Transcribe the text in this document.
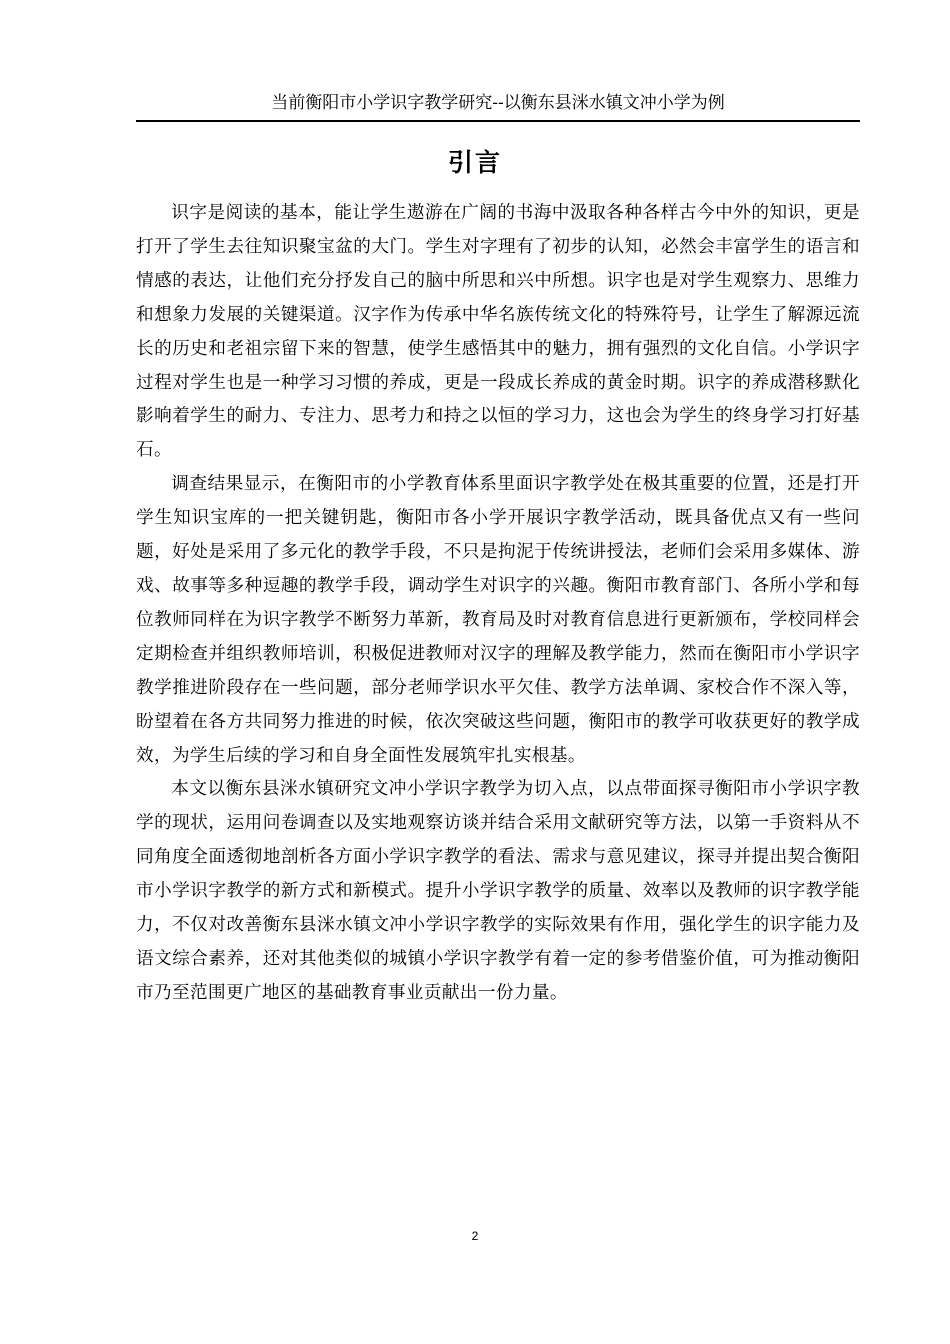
当前衡阳市小学识字教学研究--以衡东县洣水镇文冲小学为例
引言

识字是阅读的基本，能让学生遨游在广阔的书海中汲取各种各样古今中外的知识，更是打开了学生去往知识聚宝盆的大门。学生对字理有了初步的认知，必然会丰富学生的语言和情感的表达，让他们充分抒发自己的脑中所思和兴中所想。识字也是对学生观察力、思维力和想象力发展的关键渠道。汉字作为传承中华名族传统文化的特殊符号，让学生了解源远流长的历史和老祖宗留下来的智慧，使学生感悟其中的魅力，拥有强烈的文化自信。小学识字过程对学生也是一种学习习惯的养成，更是一段成长养成的黄金时期。识字的养成潜移默化影响着学生的耐力、专注力、思考力和持之以恒的学习力，这也会为学生的终身学习打好基石。

调查结果显示，在衡阳市的小学教育体系里面识字教学处在极其重要的位置，还是打开学生知识宝库的一把关键钥匙，衡阳市各小学开展识字教学活动，既具备优点又有一些问题，好处是采用了多元化的教学手段，不只是拘泥于传统讲授法，老师们会采用多媒体、游戏、故事等多种逗趣的教学手段，调动学生对识字的兴趣。衡阳市教育部门、各所小学和每位教师同样在为识字教学不断努力革新，教育局及时对教育信息进行更新颁布，学校同样会定期检查并组织教师培训，积极促进教师对汉字的理解及教学能力，然而在衡阳市小学识字教学推进阶段存在一些问题，部分老师学识水平欠佳、教学方法单调、家校合作不深入等，盼望着在各方共同努力推进的时候，依次突破这些问题，衡阳市的教学可收获更好的教学成效，为学生后续的学习和自身全面性发展筑牢扎实根基。

本文以衡东县洣水镇研究文冲小学识字教学为切入点，以点带面探寻衡阳市小学识字教学的现状，运用问卷调查以及实地观察访谈并结合采用文献研究等方法，以第一手资料从不同角度全面透彻地剖析各方面小学识字教学的看法、需求与意见建议，探寻并提出契合衡阳市小学识字教学的新方式和新模式。提升小学识字教学的质量、效率以及教师的识字教学能力，不仅对改善衡东县洣水镇文冲小学识字教学的实际效果有作用，强化学生的识字能力及语文综合素养，还对其他类似的城镇小学识字教学有着一定的参考借鉴价值，可为推动衡阳市乃至范围更广地区的基础教育事业贡献出一份力量。

2
